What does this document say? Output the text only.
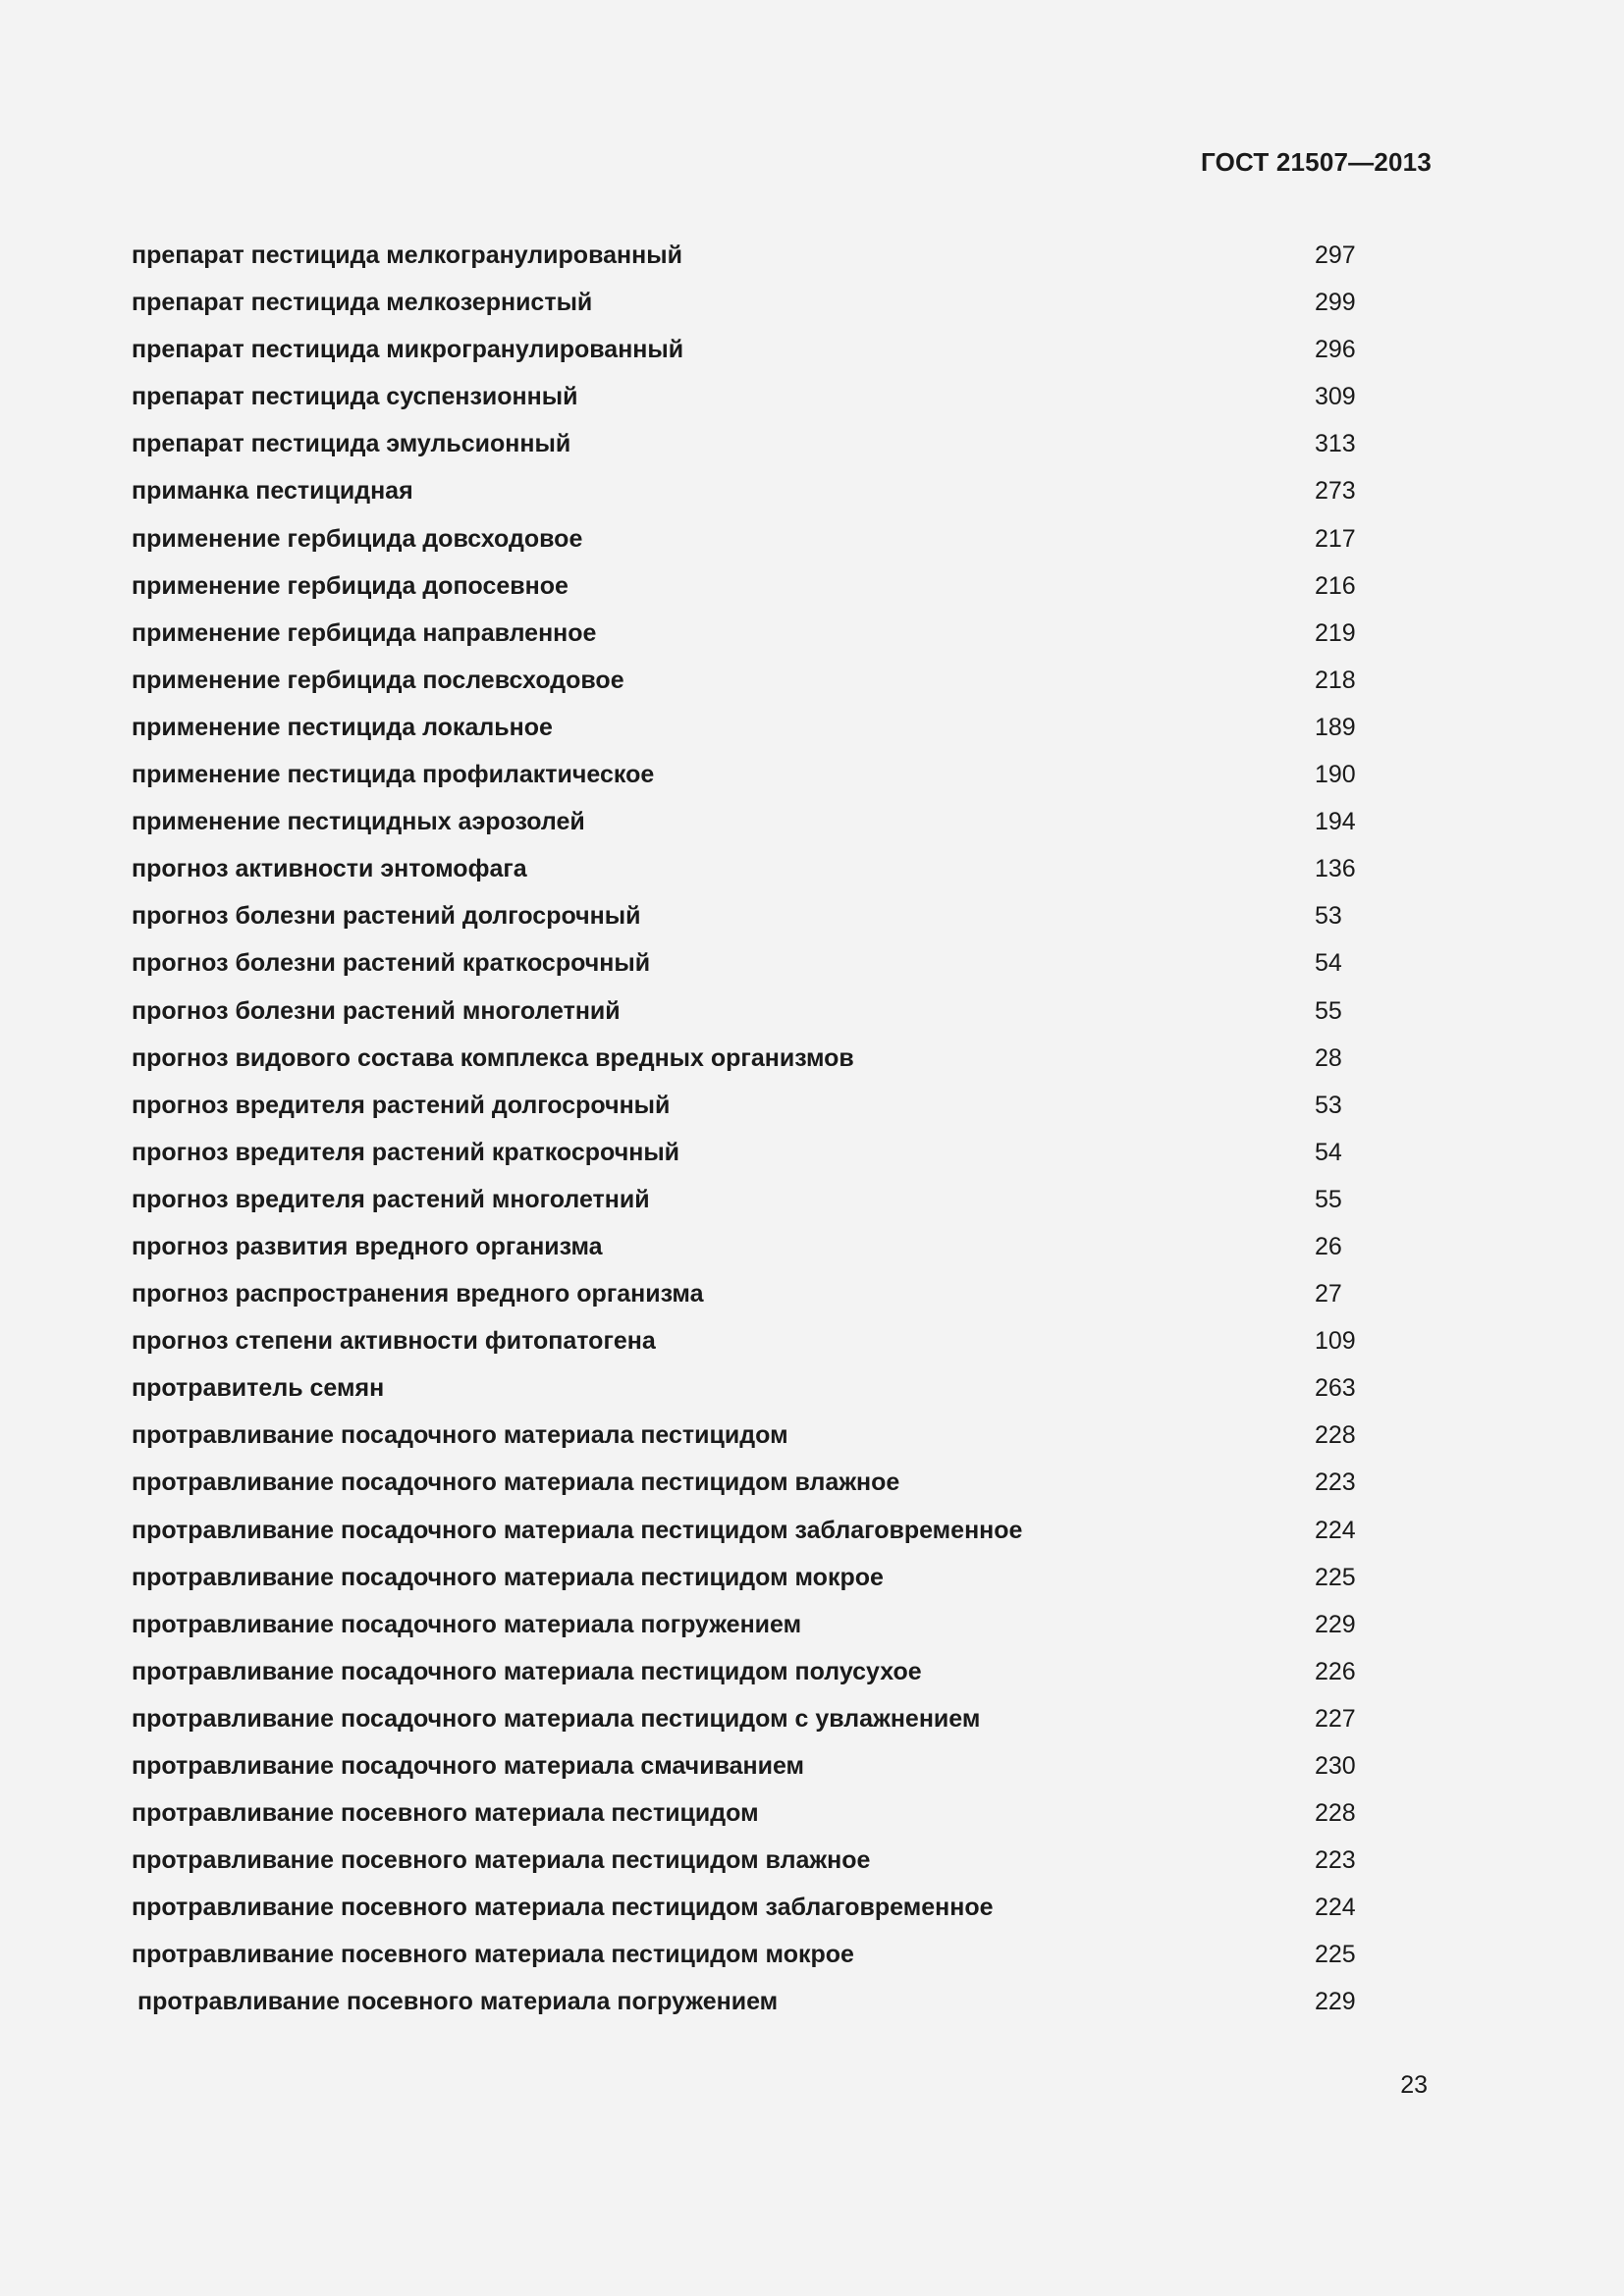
ГОСТ 21507—2013
препарат пестицида мелкогранулированный	297
препарат пестицида мелкозернистый	299
препарат пестицида микрогранулированный	296
препарат пестицида суспензионный	309
препарат пестицида эмульсионный	313
приманка пестицидная	273
применение гербицида довсходовое	217
применение гербицида допосевное	216
применение гербицида направленное	219
применение гербицида послевсходовое	218
применение пестицида локальное	189
применение пестицида профилактическое	190
применение пестицидных аэрозолей	194
прогноз активности энтомофага	136
прогноз болезни растений долгосрочный	53
прогноз болезни растений краткосрочный	54
прогноз болезни растений многолетний	55
прогноз видового состава комплекса вредных организмов	28
прогноз вредителя растений долгосрочный	53
прогноз вредителя растений краткосрочный	54
прогноз вредителя растений многолетний	55
прогноз развития вредного организма	26
прогноз распространения вредного организма	27
прогноз степени активности фитопатогена	109
протравитель семян	263
протравливание посадочного материала пестицидом	228
протравливание посадочного материала пестицидом влажное	223
протравливание посадочного материала пестицидом заблаговременное	224
протравливание посадочного материала пестицидом мокрое	225
протравливание посадочного материала погружением	229
протравливание посадочного материала пестицидом полусухое	226
протравливание посадочного материала пестицидом с увлажнением	227
протравливание посадочного материала смачиванием	230
протравливание посевного материала пестицидом	228
протравливание посевного материала пестицидом влажное	223
протравливание посевного материала пестицидом заблаговременное	224
протравливание посевного материала пестицидом мокрое	225
протравливание посевного материала погружением	229
23
